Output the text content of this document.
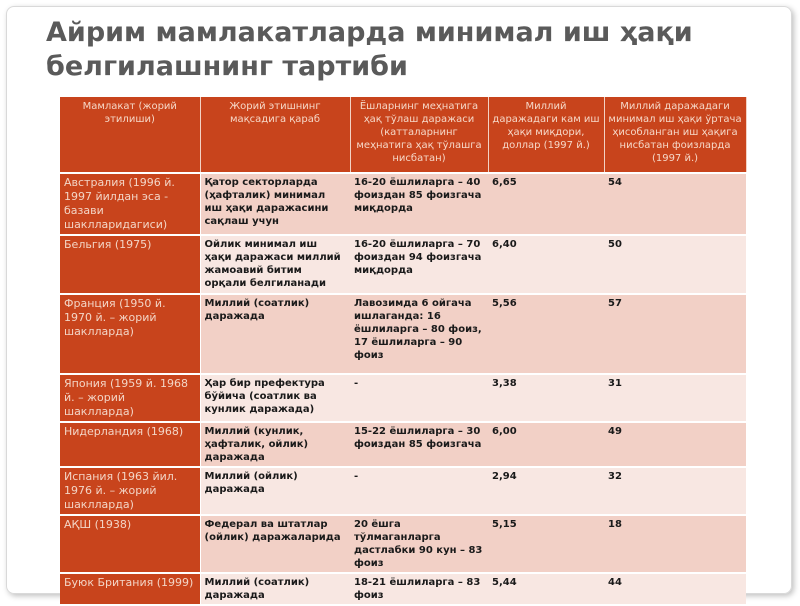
Айрим мамлакатларда минимал иш ҳақи белгилашнинг тартиби
Мамлакат (жорий этилиши)	Жорий этишнинг мақсадига қараб	Ёшларнинг меҳнатига ҳақ тўлаш даражаси (катталарнинг меҳнатига ҳақ тўлашга нисбатан)	Миллий даражадаги кам иш ҳақи миқдори, доллар (1997 й.)	Миллий даражадаги минимал иш ҳақи ўртача ҳисобланган иш ҳақига нисбатан фоизларда (1997 й.)
Австралия (1996 й. 1997 йилдан эса - базави шаклларидагиси)	Қатор секторларда (ҳафталик) минимал иш ҳақи даражасини сақлаш учун	16-20 ёшлиларга – 40 фоиздан 85 фоизгача миқдорда	6,65	54
Бельгия (1975)	Ойлик минимал иш ҳақи даражаси миллий жамоавий битим орқали белгиланади	16-20 ёшлиларга – 70 фоиздан 94 фоизгача миқдорда	6,40	50
Франция (1950 й. 1970 й. – жорий шаклларда)	Миллий (соатлик) даражада	Лавозимда 6 ойгача ишлаганда: 16 ёшлиларга – 80 фоиз, 17 ёшлиларга – 90 фоиз	5,56	57
Япония (1959 й. 1968 й. – жорий шаклларда)	Ҳар бир префектура бўйича (соатлик ва кунлик даражада)	-	3,38	31
Нидерландия (1968)	Миллий (кунлик, ҳафталик, ойлик) даражада	15-22 ёшлиларга – 30 фоиздан 85 фоизгача	6,00	49
Испания (1963 йил. 1976 й. – жорий шаклларда)	Миллий (ойлик) даражада	-	2,94	32
АҚШ (1938)	Федерал ва штатлар (ойлик) даражаларида	20 ёшга тўлмаганларга дастлабки 90 кун – 83 фоиз	5,15	18
Буюк Британия (1999)	Миллий (соатлик) даражада	18-21 ёшлиларга – 83 фоиз	5,44	44
